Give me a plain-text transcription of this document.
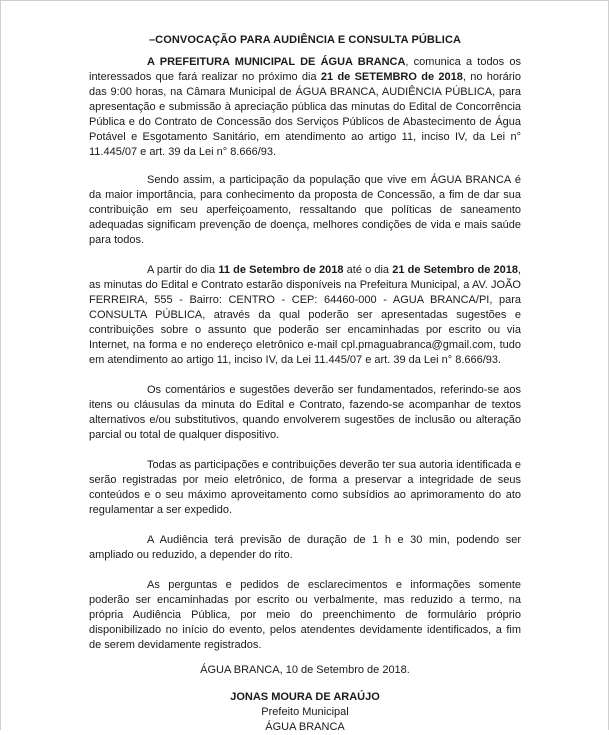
–CONVOCAÇÃO PARA AUDIÊNCIA E CONSULTA PÚBLICA
A PREFEITURA MUNICIPAL DE ÁGUA BRANCA, comunica a todos os interessados que fará realizar no próximo dia 21 de SETEMBRO de 2018, no horário das 9:00 horas, na Câmara Municipal de ÁGUA BRANCA, AUDIÊNCIA PÚBLICA, para apresentação e submissão à apreciação pública das minutas do Edital de Concorrência Pública e do Contrato de Concessão dos Serviços Públicos de Abastecimento de Água Potável e Esgotamento Sanitário, em atendimento ao artigo 11, inciso IV, da Lei n° 11.445/07 e art. 39 da Lei n° 8.666/93.
Sendo assim, a participação da população que vive em ÁGUA BRANCA é da maior importância, para conhecimento da proposta de Concessão, a fim de dar sua contribuição em seu aperfeiçoamento, ressaltando que políticas de saneamento adequadas significam prevenção de doença, melhores condições de vida e mais saúde para todos.
A partir do dia 11 de Setembro de 2018 até o dia 21 de Setembro de 2018, as minutas do Edital e Contrato estarão disponíveis na Prefeitura Municipal, a AV. JOÃO FERREIRA, 555 - Bairro: CENTRO - CEP: 64460-000 - AGUA BRANCA/PI, para CONSULTA PÚBLICA, através da qual poderão ser apresentadas sugestões e contribuições sobre o assunto que poderão ser encaminhadas por escrito ou via Internet, na forma e no endereço eletrônico e-mail cpl.pmaguabranca@gmail.com, tudo em atendimento ao artigo 11, inciso IV, da Lei 11.445/07 e art. 39 da Lei n° 8.666/93.
Os comentários e sugestões deverão ser fundamentados, referindo-se aos itens ou cláusulas da minuta do Edital e Contrato, fazendo-se acompanhar de textos alternativos e/ou substitutivos, quando envolverem sugestões de inclusão ou alteração parcial ou total de qualquer dispositivo.
Todas as participações e contribuições deverão ter sua autoria identificada e serão registradas por meio eletrônico, de forma a preservar a integridade de seus conteúdos e o seu máximo aproveitamento como subsídios ao aprimoramento do ato regulamentar a ser expedido.
A Audiência terá previsão de duração de 1 h e 30 min, podendo ser ampliado ou reduzido, a depender do rito.
As perguntas e pedidos de esclarecimentos e informações somente poderão ser encaminhadas por escrito ou verbalmente, mas reduzido a termo, na própria Audiência Pública, por meio do preenchimento de formulário próprio disponibilizado no início do evento, pelos atendentes devidamente identificados, a fim de serem devidamente registrados.
ÁGUA BRANCA, 10 de Setembro de 2018.
JONAS MOURA DE ARAÚJO
Prefeito Municipal
ÁGUA BRANCA
